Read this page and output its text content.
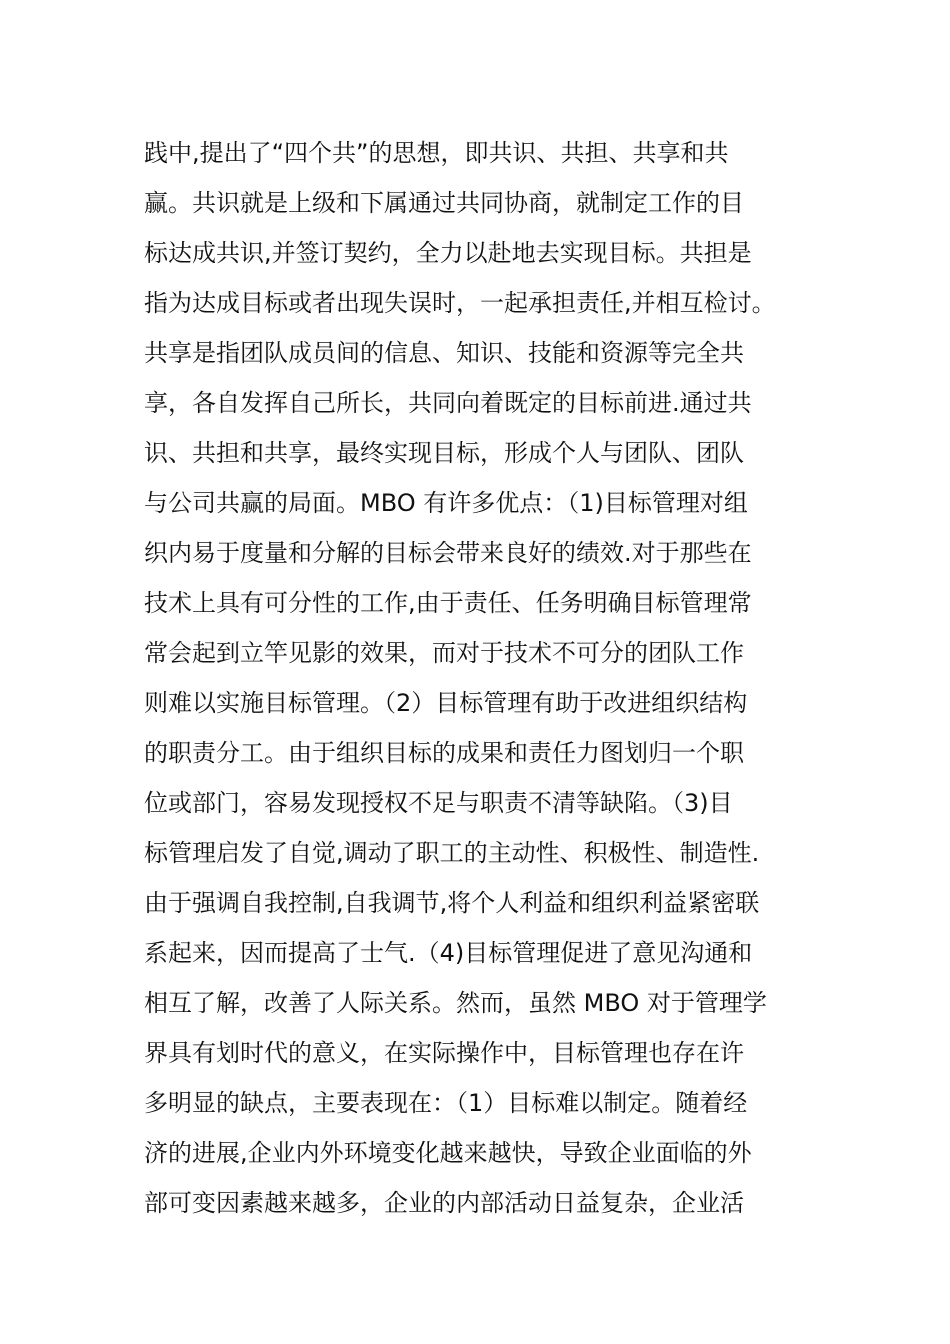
践中,提出了“四个共”的思想，即共识、共担、共享和共
赢。共识就是上级和下属通过共同协商，就制定工作的目
标达成共识,并签订契约，全力以赴地去实现目标。共担是
指为达成目标或者出现失误时，一起承担责任,并相互检讨。
共享是指团队成员间的信息、知识、技能和资源等完全共
享，各自发挥自己所长，共同向着既定的目标前进.通过共
识、共担和共享，最终实现目标，形成个人与团队、团队
与公司共赢的局面。MBO 有许多优点：（1)目标管理对组
织内易于度量和分解的目标会带来良好的绩效.对于那些在
技术上具有可分性的工作,由于责任、任务明确目标管理常
常会起到立竿见影的效果，而对于技术不可分的团队工作
则难以实施目标管理。（2）目标管理有助于改进组织结构
的职责分工。由于组织目标的成果和责任力图划归一个职
位或部门，容易发现授权不足与职责不清等缺陷。（3)目
标管理启发了自觉,调动了职工的主动性、积极性、制造性.
由于强调自我控制,自我调节,将个人利益和组织利益紧密联
系起来，因而提高了士气.（4)目标管理促进了意见沟通和
相互了解，改善了人际关系。然而，虽然 MBO 对于管理学
界具有划时代的意义，在实际操作中，目标管理也存在许
多明显的缺点，主要表现在：（1）目标难以制定。随着经
济的进展,企业内外环境变化越来越快，导致企业面临的外
部可变因素越来越多，企业的内部活动日益复杂，企业活
